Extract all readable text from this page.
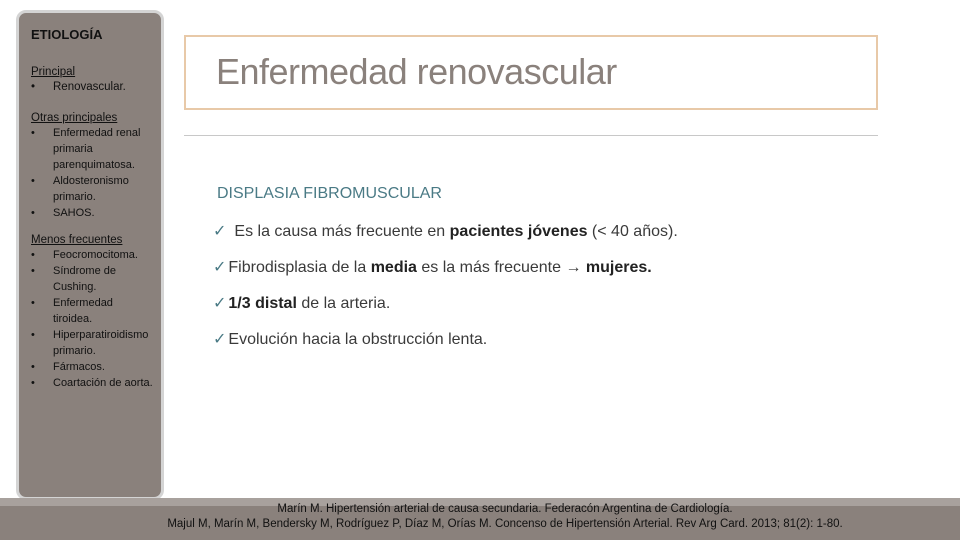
ETIOLOGÍA
Principal
• Renovascular.
Otras principales
• Enfermedad renal primaria parenquimatosa.
• Aldosteronismo primario.
• SAHOS.
Menos frecuentes
• Feocromocitoma.
• Síndrome de Cushing.
• Enfermedad tiroidea.
• Hiperparatiroidismo primario.
• Fármacos.
• Coartación de aorta.
Enfermedad renovascular
DISPLASIA FIBROMUSCULAR
✓ Es la causa más frecuente en pacientes jóvenes (< 40 años).
✓ Fibrodisplasia de la media es la más frecuente → mujeres.
✓ 1/3 distal de la arteria.
✓ Evolución hacia la obstrucción lenta.

Marín M. Hipertensión arterial de causa secundaria. Federacón Argentina de Cardiología.

Majul M, Marín M, Bendersky M, Rodríguez P, Díaz M, Orías M. Concenso de Hipertensión Arterial. Rev Arg Card. 2013; 81(2): 1-80.
